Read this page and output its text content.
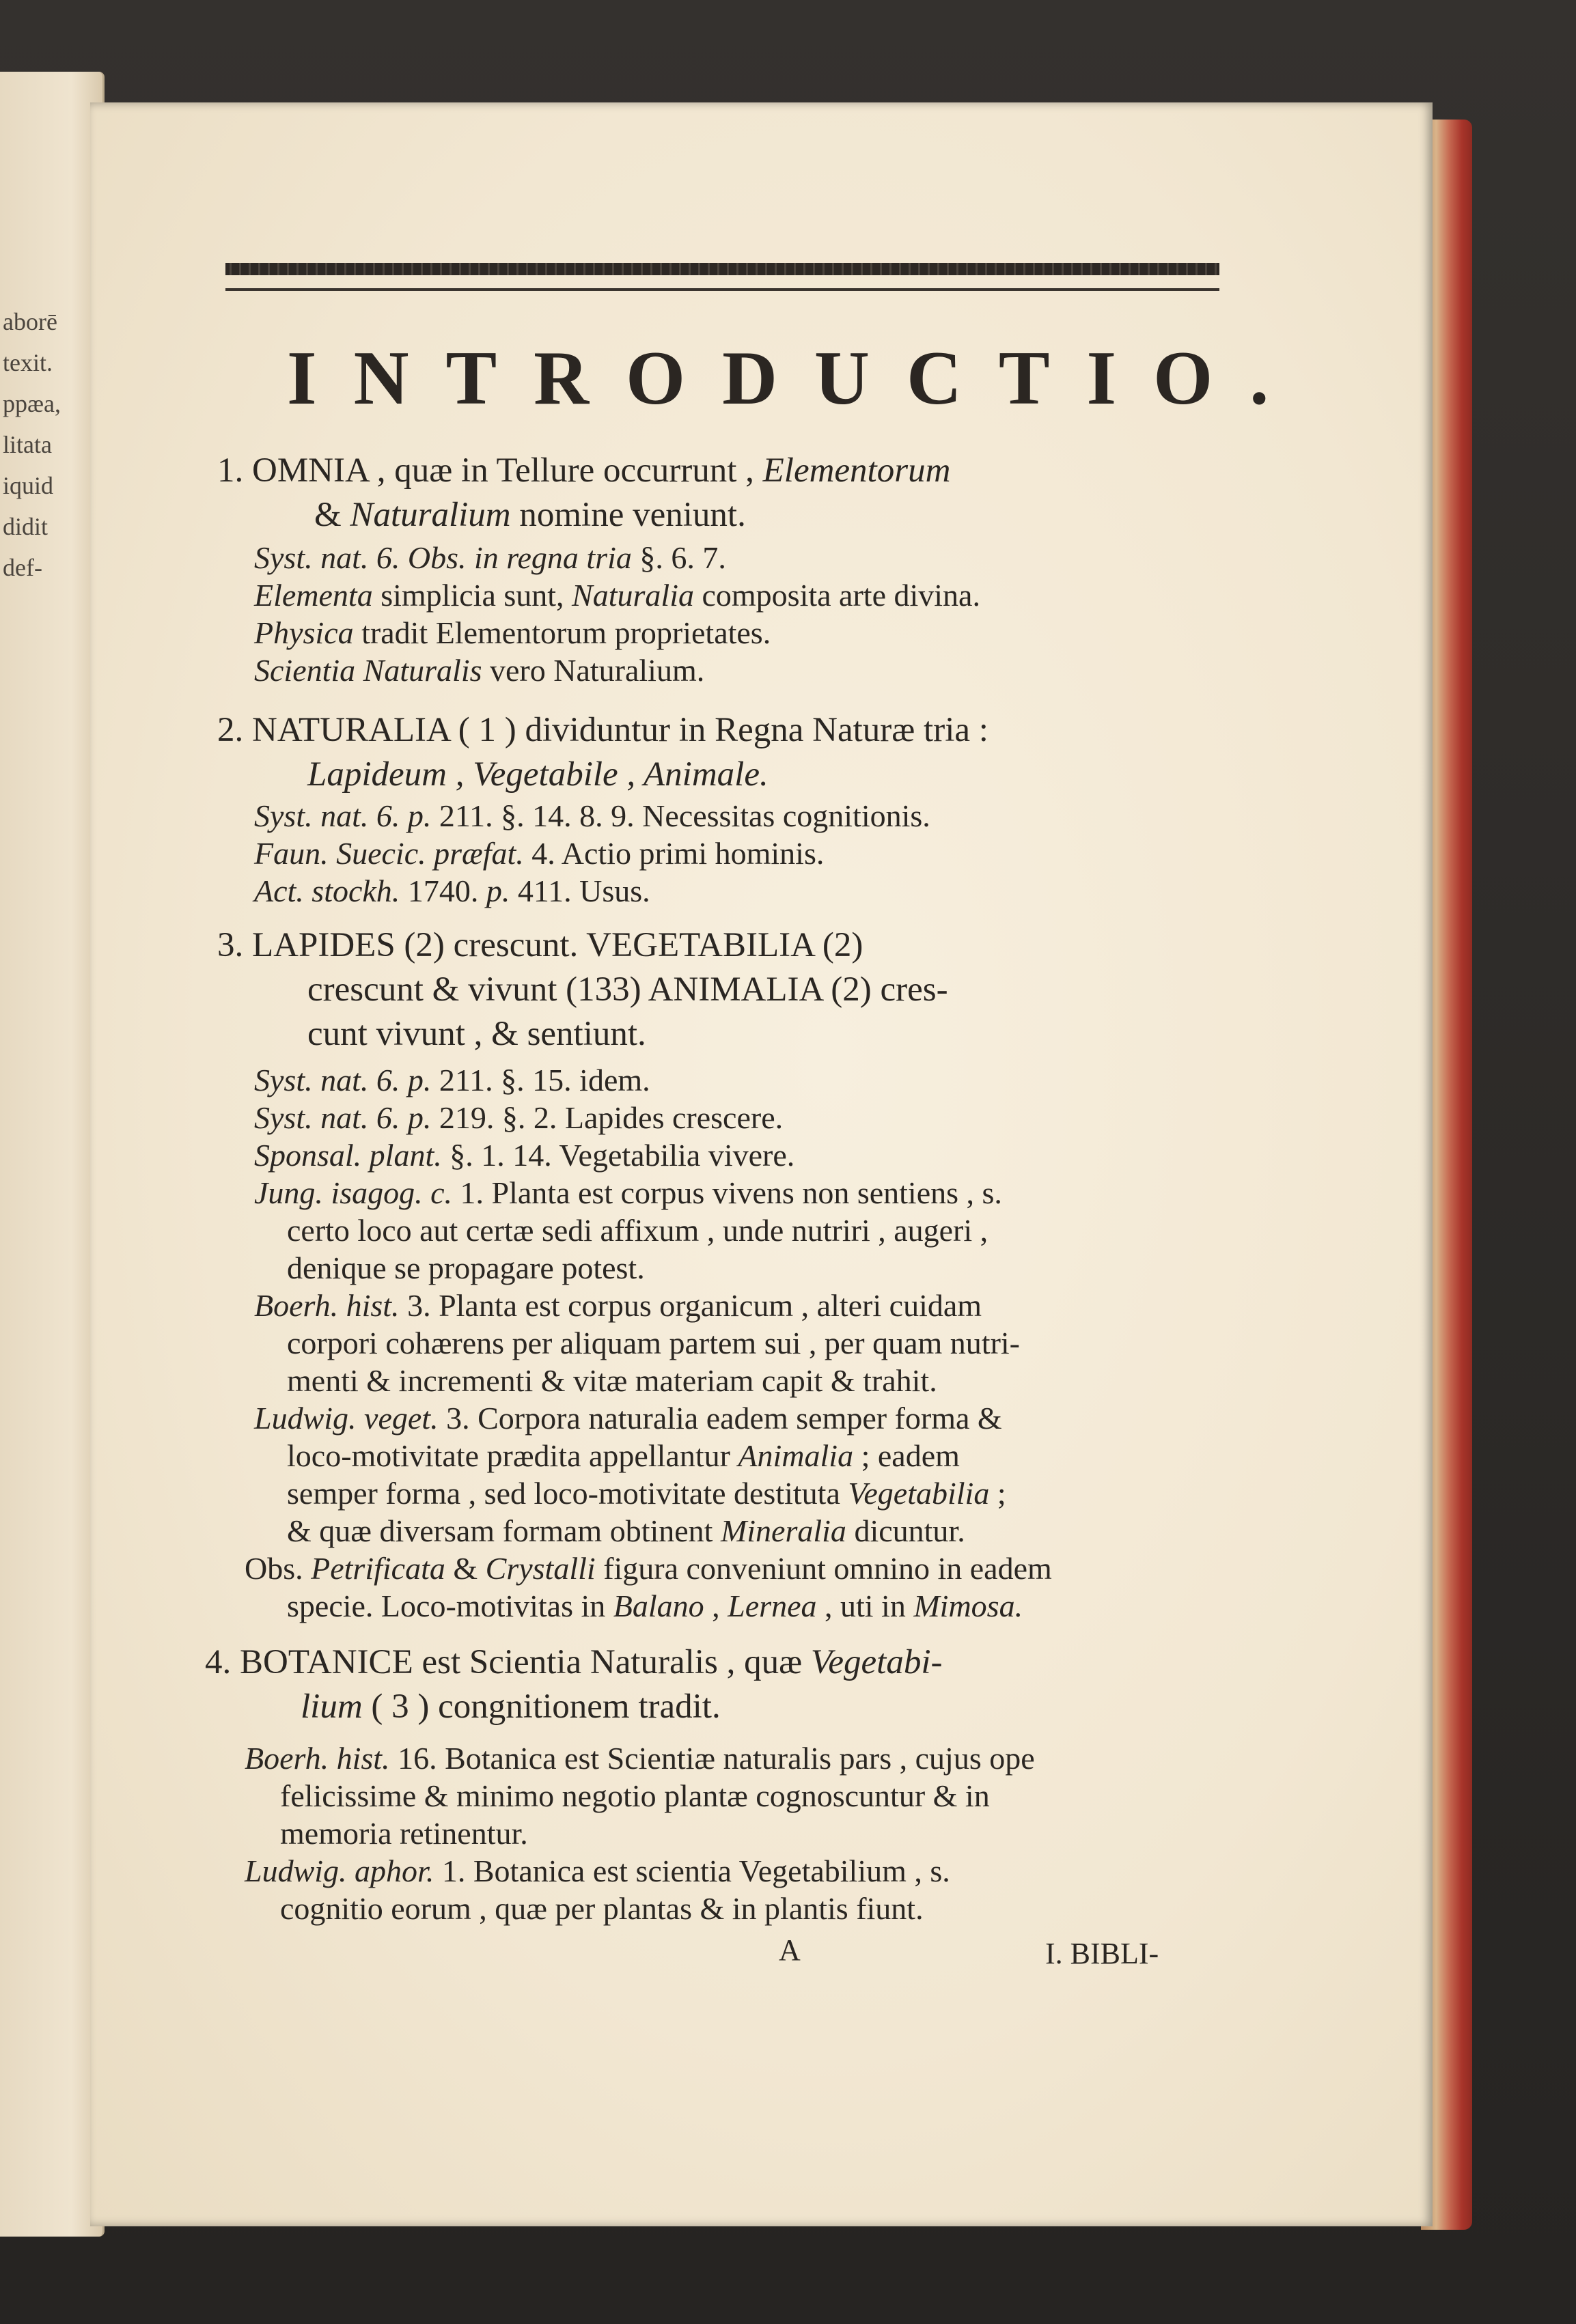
aborē
texit.
ppæa,
litata
iquid
didit
def-
INTRODUCTIO.
1. OMNIA , quæ in Tellure occurrunt , Elementorum
& Naturalium nomine veniunt.
Syst. nat. 6. Obs. in regna tria §. 6. 7.
Elementa simplicia sunt, Naturalia composita arte divina.
Physica tradit Elementorum proprietates.
Scientia Naturalis vero Naturalium.
2. NATURALIA ( 1 ) dividuntur in Regna Naturæ tria :
Lapideum , Vegetabile , Animale.
Syst. nat. 6. p. 211. §. 14. 8. 9. Necessitas cognitionis.
Faun. Suecic. præfat. 4. Actio primi hominis.
Act. stockh. 1740. p. 411. Usus.
3. LAPIDES (2) crescunt. VEGETABILIA (2)
crescunt & vivunt (133) ANIMALIA (2) cres-
cunt vivunt , & sentiunt.
Syst. nat. 6. p. 211. §. 15. idem.
Syst. nat. 6. p. 219. §. 2. Lapides crescere.
Sponsal. plant. §. 1. 14. Vegetabilia vivere.
Jung. isagog. c. 1. Planta est corpus vivens non sentiens , s.
certo loco aut certæ sedi affixum , unde nutriri , augeri ,
denique se propagare potest.
Boerh. hist. 3. Planta est corpus organicum , alteri cuidam
corpori cohærens per aliquam partem sui , per quam nutri-
menti & incrementi & vitæ materiam capit & trahit.
Ludwig. veget. 3. Corpora naturalia eadem semper forma &
loco-motivitate prædita appellantur Animalia ; eadem
semper forma , sed loco-motivitate destituta Vegetabilia ;
& quæ diversam formam obtinent Mineralia dicuntur.
Obs. Petrificata & Crystalli figura conveniunt omnino in eadem
specie. Loco-motivitas in Balano , Lernea , uti in Mimosa.
4. BOTANICE est Scientia Naturalis , quæ Vegetabi-
lium ( 3 ) congnitionem tradit.
Boerh. hist. 16. Botanica est Scientiæ naturalis pars , cujus ope
felicissime & minimo negotio plantæ cognoscuntur & in
memoria retinentur.
Ludwig. aphor. 1. Botanica est scientia Vegetabilium , s.
cognitio eorum , quæ per plantas & in plantis fiunt.
A	I. BIBLI-
